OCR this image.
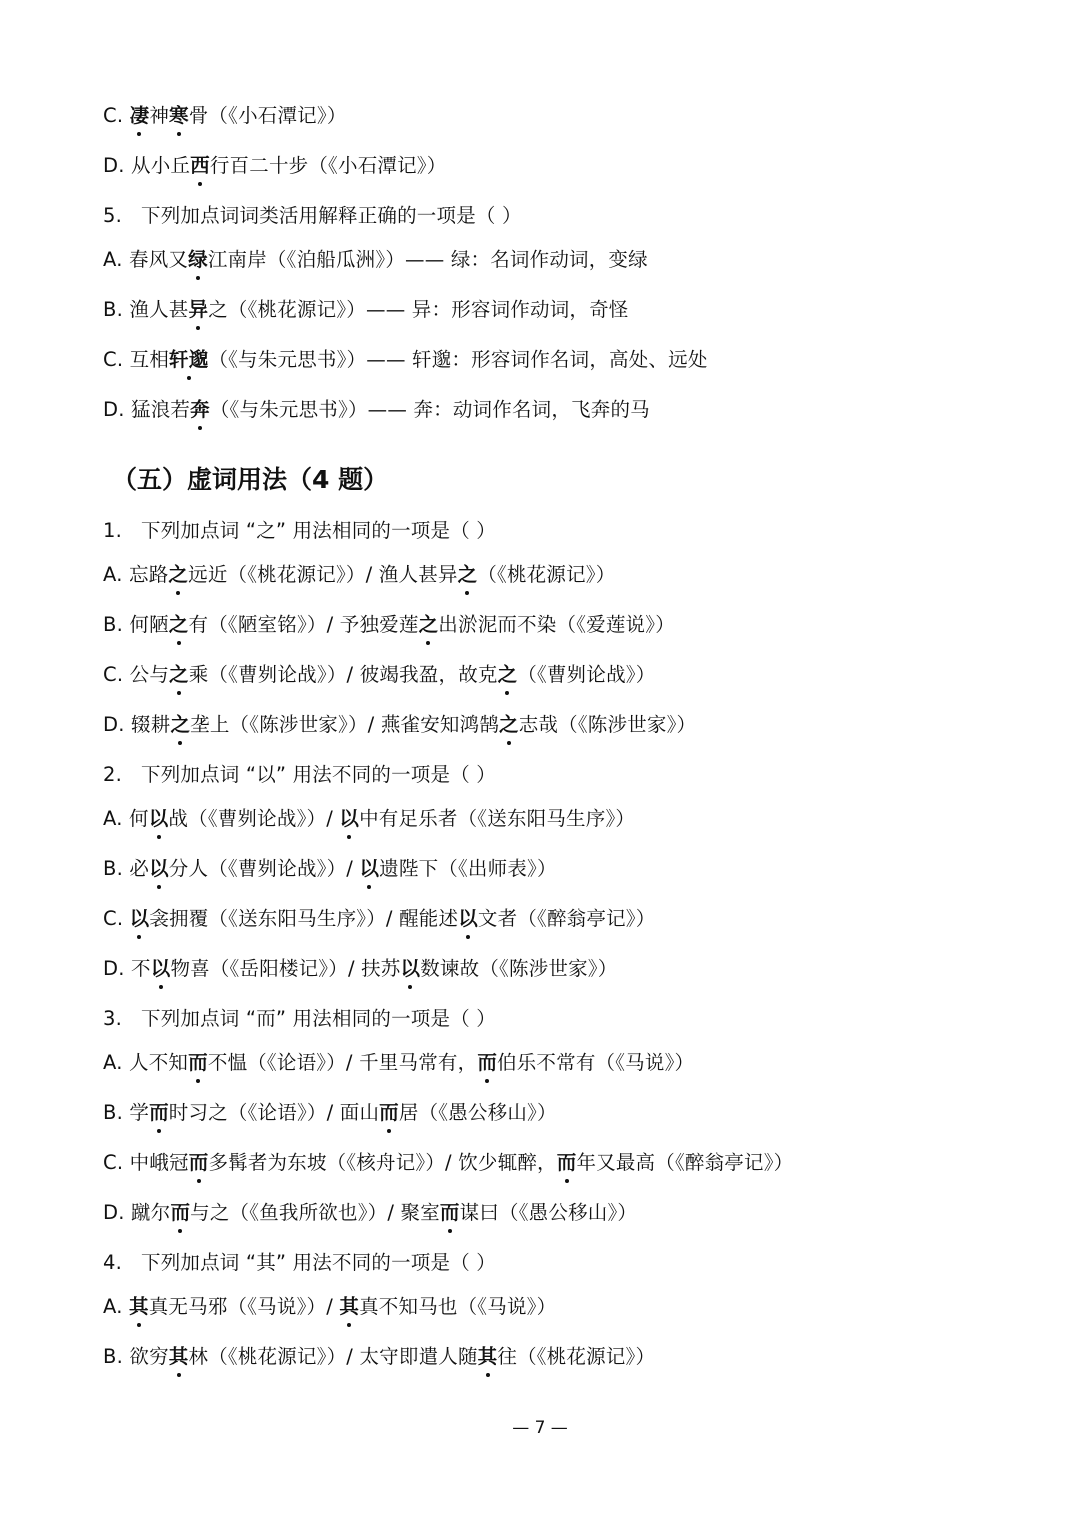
C. 凄神寒骨（《小石潭记》）
D. 从小丘西行百二十步（《小石潭记》）
5. 下列加点词词类活用解释正确的一项是（ ）
A. 春风又绿江南岸（《泊船瓜洲》）—— 绿：名词作动词，变绿
B. 渔人甚异之（《桃花源记》）—— 异：形容词作动词，奇怪
C. 互相轩邈（《与朱元思书》）—— 轩邈：形容词作名词，高处、远处
D. 猛浪若奔（《与朱元思书》）—— 奔：动词作名词，飞奔的马
（五）虚词用法（4 题）
1. 下列加点词 “之” 用法相同的一项是（ ）
A. 忘路之远近（《桃花源记》）/ 渔人甚异之（《桃花源记》）
B. 何陋之有（《陋室铭》）/ 予独爱莲之出淤泥而不染（《爱莲说》）
C. 公与之乘（《曹刿论战》）/ 彼竭我盈，故克之（《曹刿论战》）
D. 辍耕之垄上（《陈涉世家》）/ 燕雀安知鸿鹄之志哉（《陈涉世家》）
2. 下列加点词 “以” 用法不同的一项是（ ）
A. 何以战（《曹刿论战》）/ 以中有足乐者（《送东阳马生序》）
B. 必以分人（《曹刿论战》）/ 以遗陛下（《出师表》）
C. 以衾拥覆（《送东阳马生序》）/ 醒能述以文者（《醉翁亭记》）
D. 不以物喜（《岳阳楼记》）/ 扶苏以数谏故（《陈涉世家》）
3. 下列加点词 “而” 用法相同的一项是（ ）
A. 人不知而不愠（《论语》）/ 千里马常有，而伯乐不常有（《马说》）
B. 学而时习之（《论语》）/ 面山而居（《愚公移山》）
C. 中峨冠而多髯者为东坡（《核舟记》）/ 饮少辄醉，而年又最高（《醉翁亭记》）
D. 蹴尔而与之（《鱼我所欲也》）/ 聚室而谋曰（《愚公移山》）
4. 下列加点词 “其” 用法不同的一项是（ ）
A. 其真无马邪（《马说》）/ 其真不知马也（《马说》）
B. 欲穷其林（《桃花源记》）/ 太守即遣人随其往（《桃花源记》）
— 7 —
